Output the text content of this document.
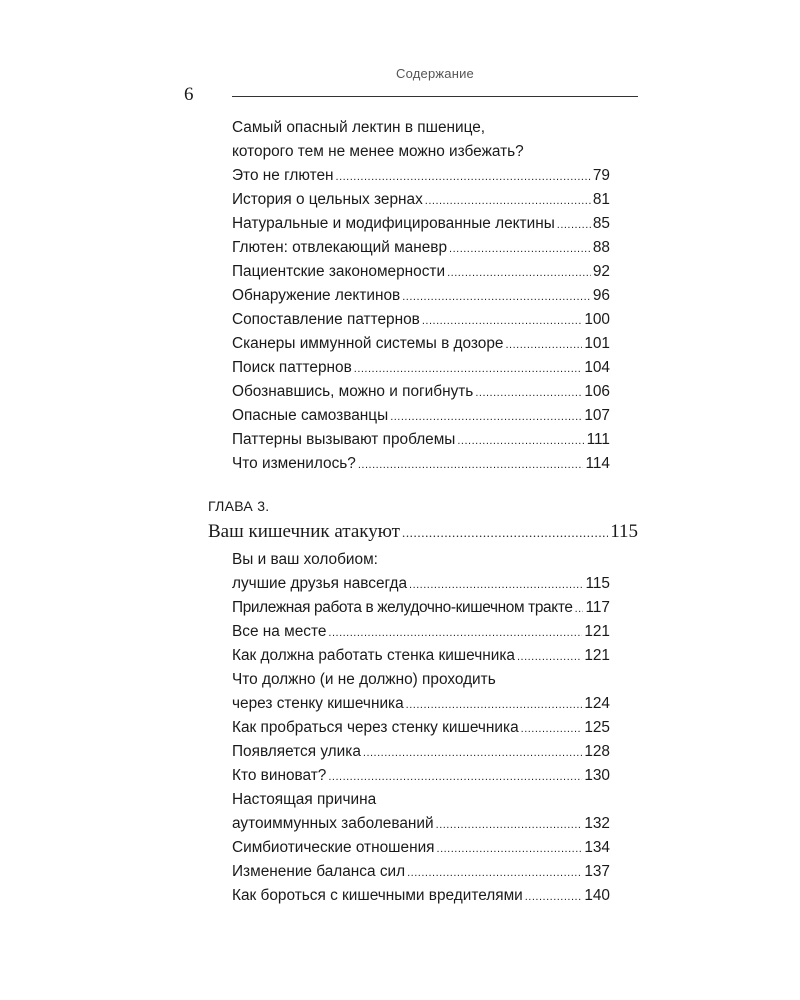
Содержание
6
Самый опасный лектин в пшенице,
которого тем не менее можно избежать?
Это не глютен .....	79
История о цельных зернах .....	81
Натуральные и модифицированные лектины ..... 85
Глютен: отвлекающий маневр .....	88
Пациентские закономерности .....	92
Обнаружение лектинов .....	96
Сопоставление паттернов .....	100
Сканеры иммунной системы в дозоре .....	101
Поиск паттернов .....	104
Обознавшись, можно и погибнуть .....	106
Опасные самозванцы .....	107
Паттерны вызывают проблемы .....	111
Что изменилось? .....	114
ГЛАВА 3.
Ваш кишечник атакуют .....	115
Вы и ваш холобиом:
лучшие друзья навсегда .....	115
Прилежная работа в желудочно-кишечном тракте ..... 117
Все на месте .....	121
Как должна работать стенка кишечника .....	121
Что должно (и не должно) проходить
через стенку кишечника .....	124
Как пробраться через стенку кишечника .....	125
Появляется улика .....	128
Кто виноват? .....	130
Настоящая причина
аутоиммунных заболеваний .....	132
Симбиотические отношения .....	134
Изменение баланса сил .....	137
Как бороться с кишечными вредителями .....	140
